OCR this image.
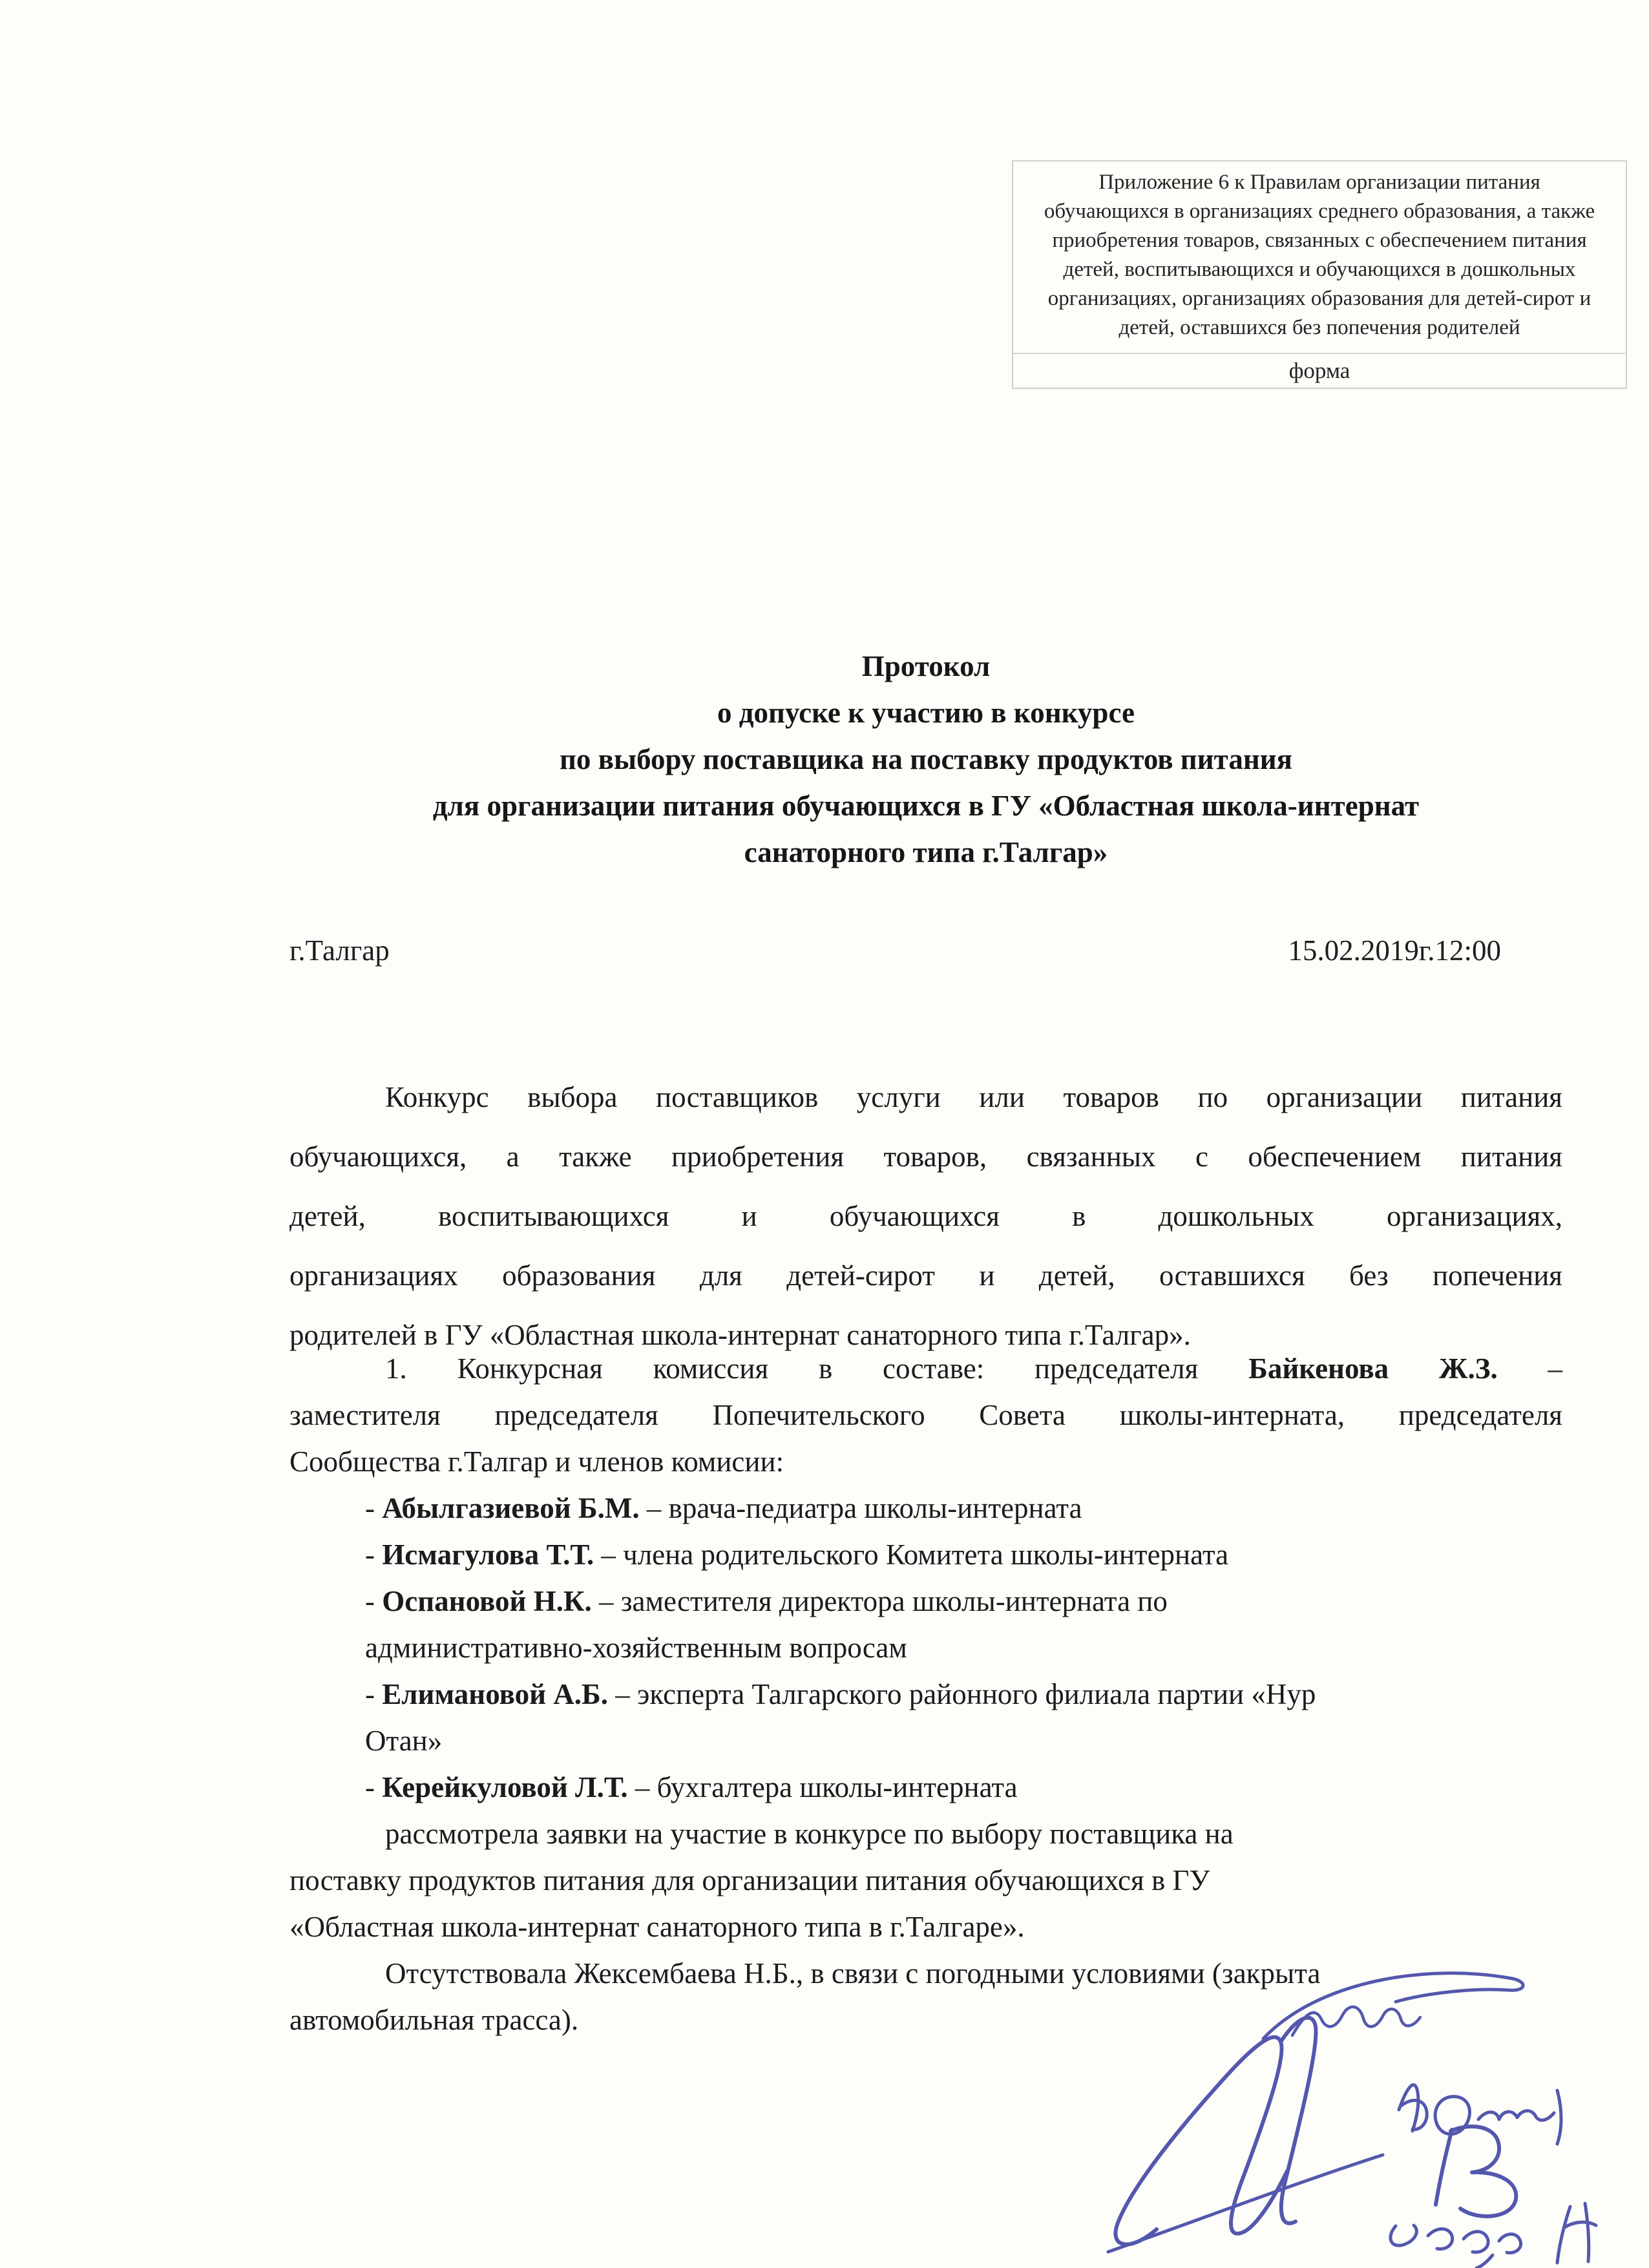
Приложение 6 к Правилам организации питания обучающихся в организациях среднего образования, а также приобретения товаров, связанных с обеспечением питания детей, воспитывающихся и обучающихся в дошкольных организациях, организациях образования для детей-сирот и детей, оставшихся без попечения родителей
форма
Протокол
о допуске к участию в конкурсе
по выбору поставщика на поставку продуктов питания
для организации питания обучающихся в ГУ «Областная школа-интернат
санаторного типа г.Талгар»
г.Талгар	15.02.2019г.12:00
Конкурс выбора поставщиков услуги или товаров по организации питания
обучающихся, а также приобретения товаров, связанных с обеспечением питания
детей, воспитывающихся и обучающихся в дошкольных организациях,
организациях образования для детей-сирот и детей, оставшихся без попечения
родителей в ГУ «Областная школа-интернат санаторного типа г.Талгар».
1. Конкурсная комиссия в составе: председателя Байкенова Ж.З. –
заместителя председателя Попечительского Совета школы-интерната, председателя
Сообщества г.Талгар и членов комисии:
- Абылгазиевой Б.М. – врача-педиатра школы-интерната
- Исмагулова Т.Т. – члена родительского Комитета школы-интерната
- Оспановой Н.К. – заместителя директора школы-интерната по
административно-хозяйственным вопросам
- Елимановой А.Б. – эксперта Талгарского районного филиала партии «Нур
Отан»
- Керейкуловой Л.Т. – бухгалтера школы-интерната
рассмотрела заявки на участие в конкурсе по выбору поставщика на
поставку продуктов питания для организации питания обучающихся в ГУ
«Областная школа-интернат санаторного типа в г.Талгаре».
Отсутствовала Жексембаева Н.Б., в связи с погодными условиями (закрыта
автомобильная трасса).
